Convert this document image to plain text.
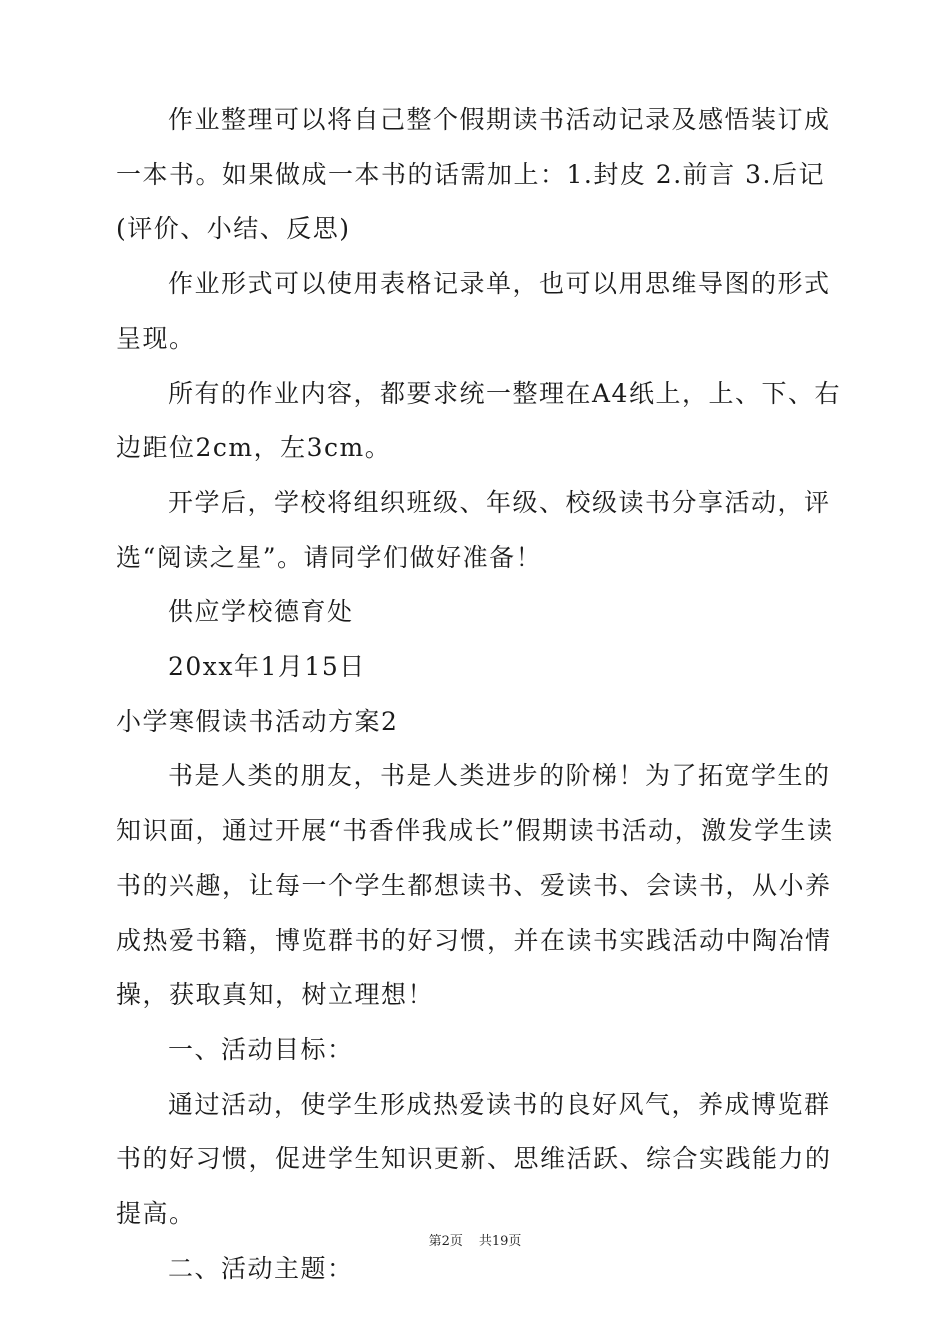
作业整理可以将自己整个假期读书活动记录及感悟装订成一本书。如果做成一本书的话需加上：1.封皮 2.前言 3.后记(评价、小结、反思)

作业形式可以使用表格记录单，也可以用思维导图的形式呈现。

所有的作业内容，都要求统一整理在A4纸上，上、下、右边距位2cm，左3cm。

开学后，学校将组织班级、年级、校级读书分享活动，评选“阅读之星”。请同学们做好准备！

供应学校德育处

20xx年1月15日

小学寒假读书活动方案2

书是人类的朋友，书是人类进步的阶梯！为了拓宽学生的知识面，通过开展“书香伴我成长”假期读书活动，激发学生读书的兴趣，让每一个学生都想读书、爱读书、会读书，从小养成热爱书籍，博览群书的好习惯，并在读书实践活动中陶冶情操，获取真知，树立理想！

一、活动目标：

通过活动，使学生形成热爱读书的良好风气，养成博览群书的好习惯，促进学生知识更新、思维活跃、综合实践能力的提高。

二、活动主题：

第2页 共19页
